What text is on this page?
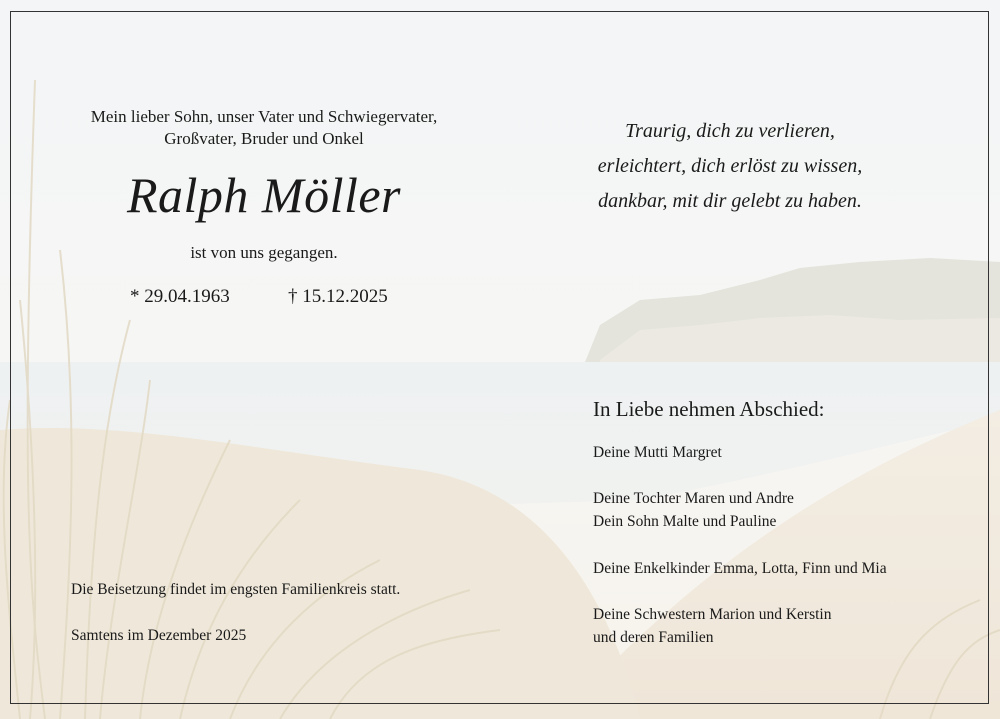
Mein lieber Sohn, unser Vater und Schwiegervater,
Großvater, Bruder und Onkel

Ralph Möller

ist von uns gegangen.

* 29.04.1963	† 15.12.2025

Traurig, dich zu verlieren,
erleichtert, dich erlöst zu wissen,
dankbar, mit dir gelebt zu haben.

In Liebe nehmen Abschied:

Deine Mutti Margret

Deine Tochter Maren und Andre
Dein Sohn Malte und Pauline

Deine Enkelkinder Emma, Lotta, Finn und Mia

Deine Schwestern Marion und Kerstin
und deren Familien

Die Beisetzung findet im engsten Familienkreis statt.

Samtens im Dezember 2025
